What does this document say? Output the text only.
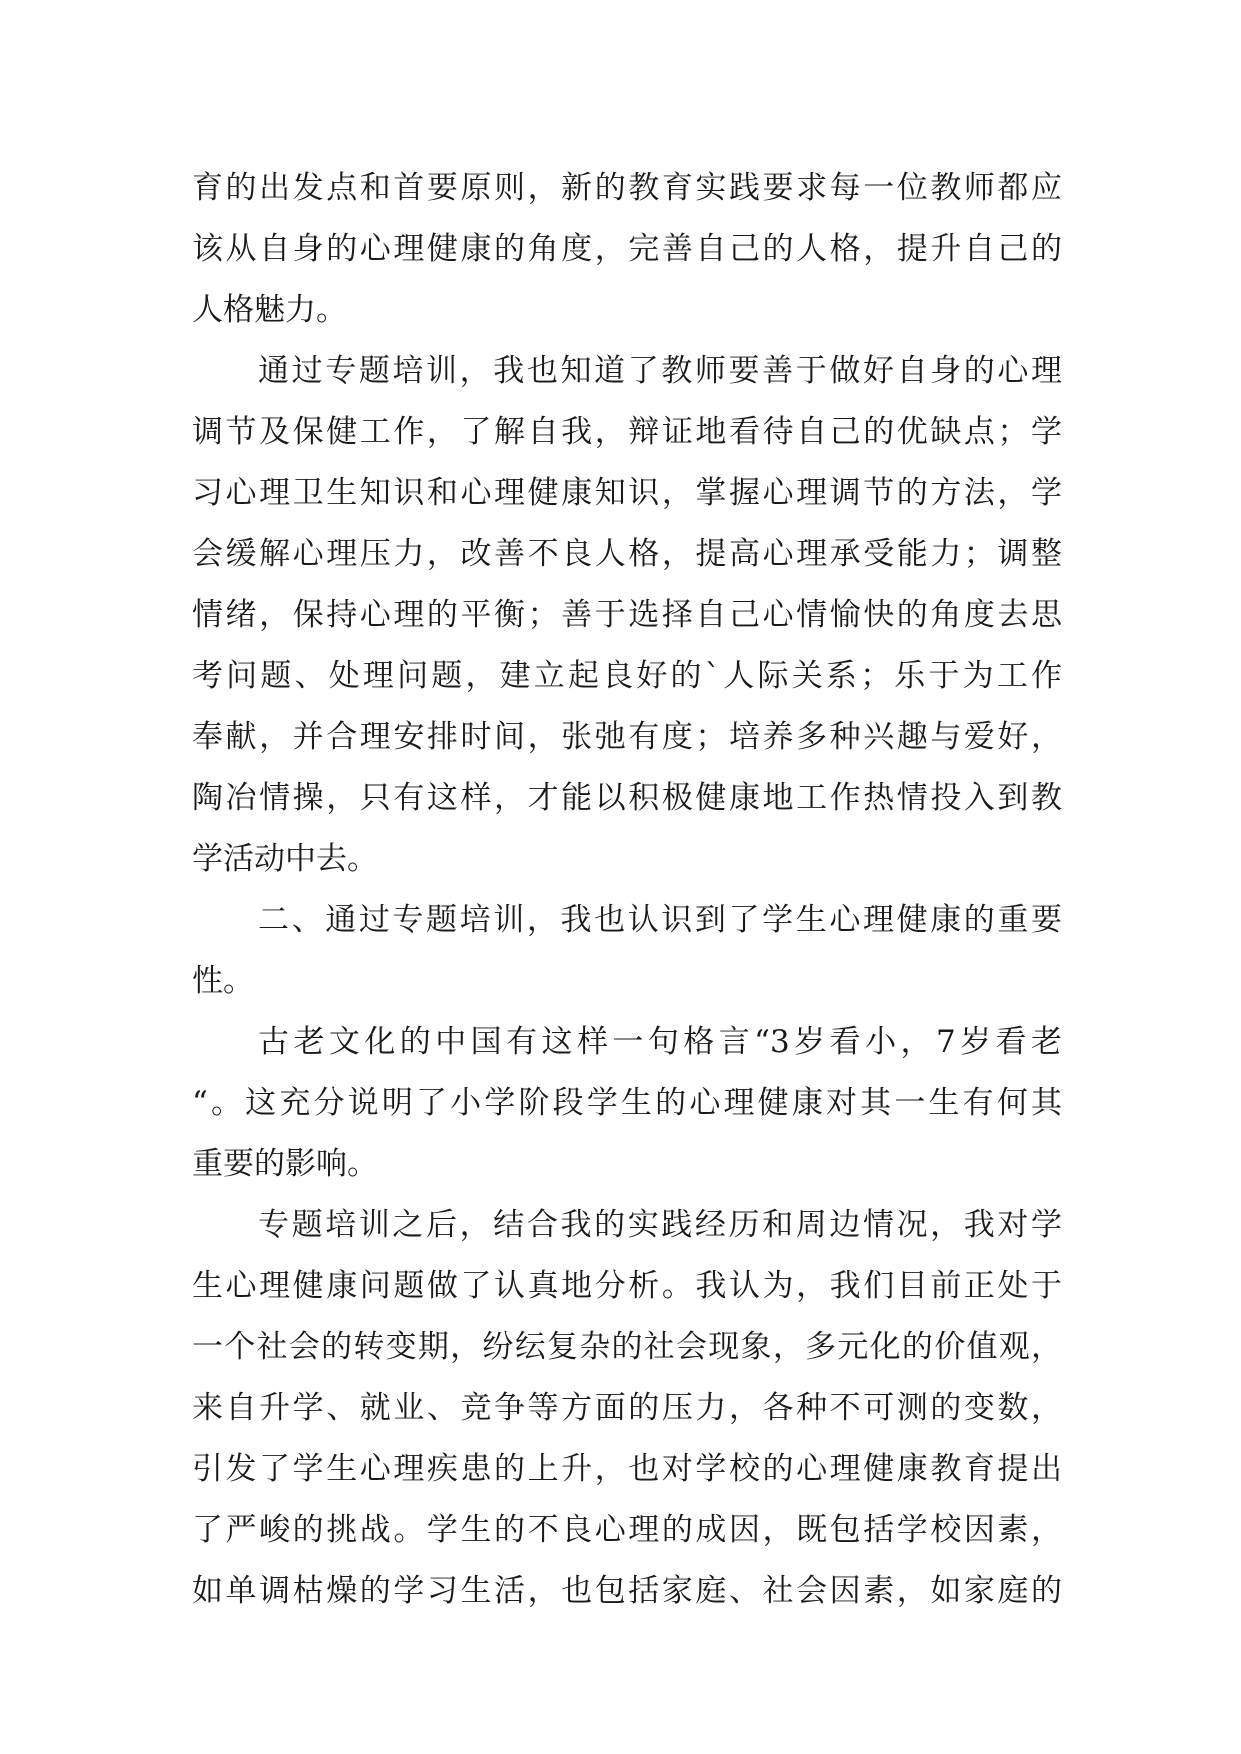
育的出发点和首要原则，新的教育实践要求每一位教师都应
该从自身的心理健康的角度，完善自己的人格，提升自己的
人格魅力。
通过专题培训，我也知道了教师要善于做好自身的心理
调节及保健工作，了解自我，辩证地看待自己的优缺点；学
习心理卫生知识和心理健康知识，掌握心理调节的方法，学
会缓解心理压力，改善不良人格，提高心理承受能力；调整
情绪，保持心理的平衡；善于选择自己心情愉快的角度去思
考问题、处理问题，建立起良好的`人际关系；乐于为工作
奉献，并合理安排时间，张弛有度；培养多种兴趣与爱好，
陶冶情操，只有这样，才能以积极健康地工作热情投入到教
学活动中去。
二、通过专题培训，我也认识到了学生心理健康的重要
性。
古老文化的中国有这样一句格言“3岁看小，7岁看老
“。这充分说明了小学阶段学生的心理健康对其一生有何其
重要的影响。
专题培训之后，结合我的实践经历和周边情况，我对学
生心理健康问题做了认真地分析。我认为，我们目前正处于
一个社会的转变期，纷纭复杂的社会现象，多元化的价值观，
来自升学、就业、竞争等方面的压力，各种不可测的变数，
引发了学生心理疾患的上升，也对学校的心理健康教育提出
了严峻的挑战。学生的不良心理的成因，既包括学校因素，
如单调枯燥的学习生活，也包括家庭、社会因素，如家庭的
